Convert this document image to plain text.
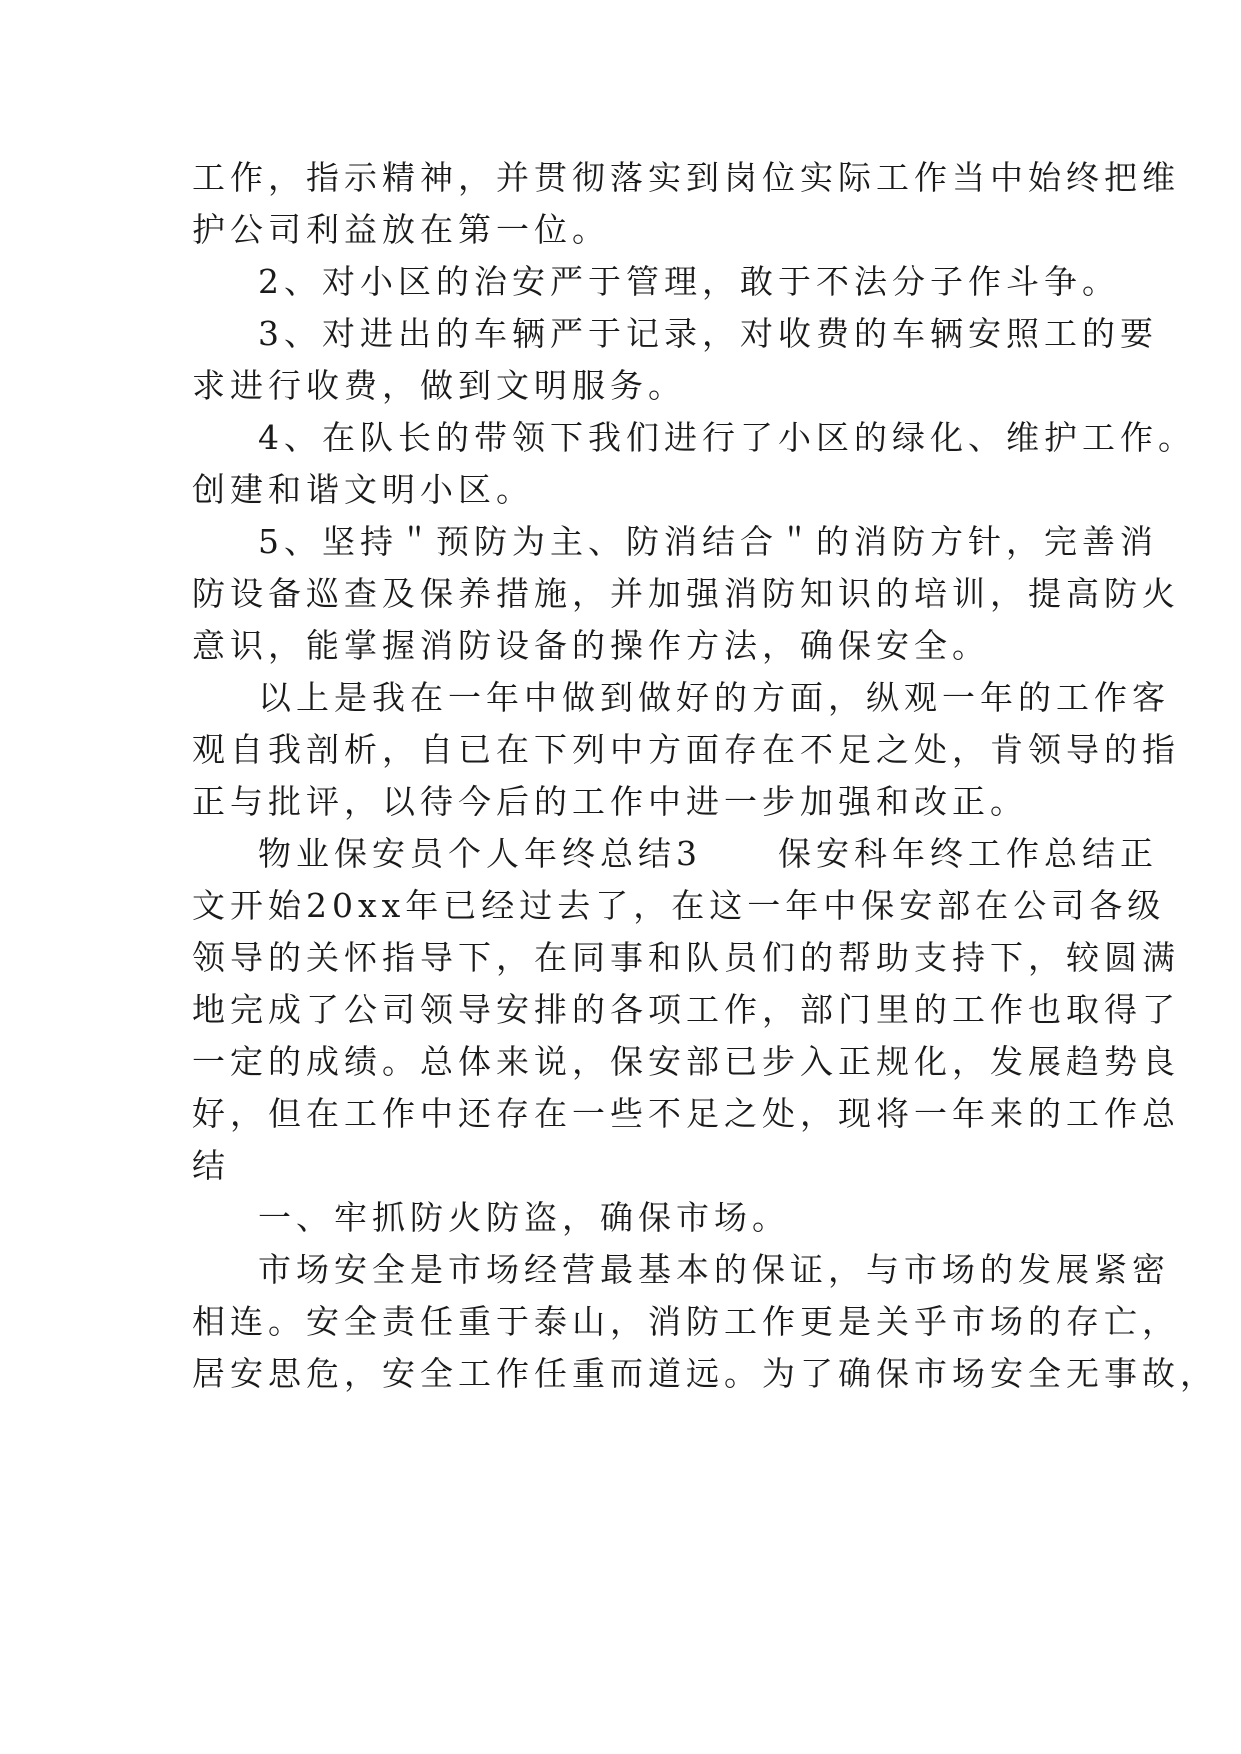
工作，指示精神，并贯彻落实到岗位实际工作当中始终把维
护公司利益放在第一位。
2、对小区的治安严于管理，敢于不法分子作斗争。
3、对进出的车辆严于记录，对收费的车辆安照工的要
求进行收费，做到文明服务。
4、在队长的带领下我们进行了小区的绿化、维护工作。
创建和谐文明小区。
5、坚持＂预防为主、防消结合＂的消防方针，完善消
防设备巡查及保养措施，并加强消防知识的培训，提高防火
意识，能掌握消防设备的操作方法，确保安全。
以上是我在一年中做到做好的方面，纵观一年的工作客
观自我剖析，自已在下列中方面存在不足之处，肯领导的指
正与批评，以待今后的工作中进一步加强和改正。
物业保安员个人年终总结3　　保安科年终工作总结正
文开始20xx年已经过去了，在这一年中保安部在公司各级
领导的关怀指导下，在同事和队员们的帮助支持下，较圆满
地完成了公司领导安排的各项工作，部门里的工作也取得了
一定的成绩。总体来说，保安部已步入正规化，发展趋势良
好，但在工作中还存在一些不足之处，现将一年来的工作总
结
一、牢抓防火防盗，确保市场。
市场安全是市场经营最基本的保证，与市场的发展紧密
相连。安全责任重于泰山，消防工作更是关乎市场的存亡，
居安思危，安全工作任重而道远。为了确保市场安全无事故，
